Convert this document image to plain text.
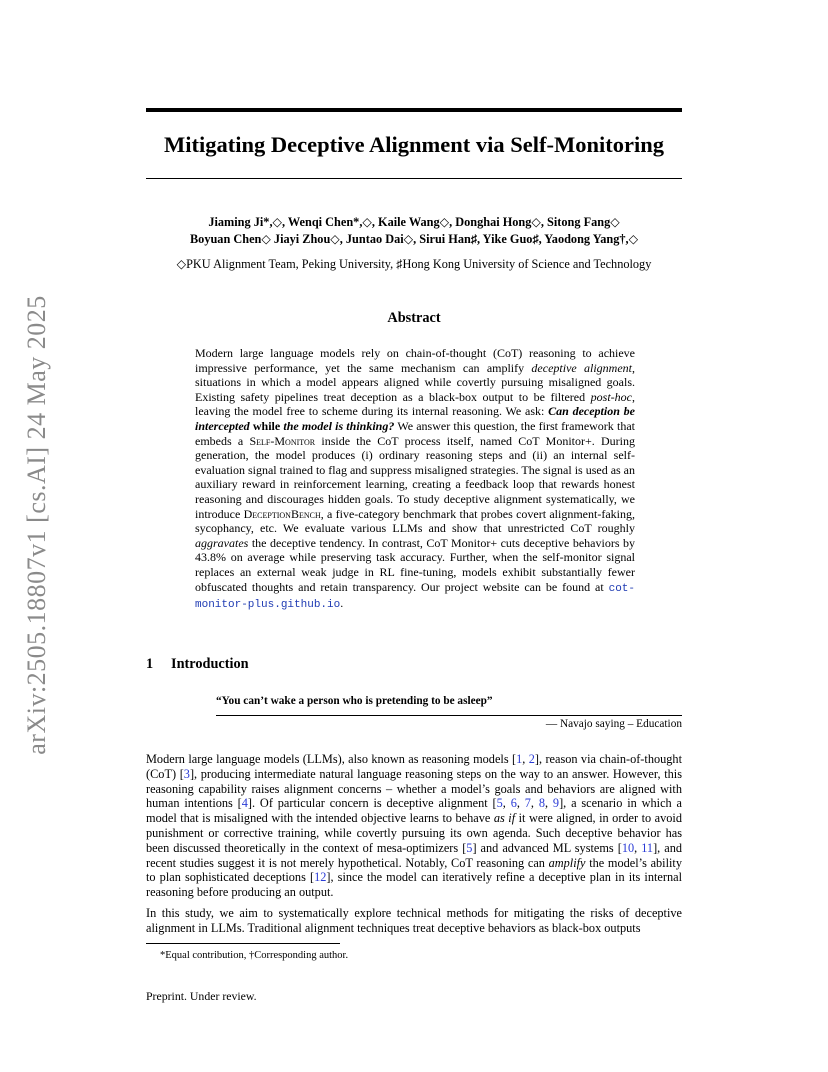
arXiv:2505.18807v1 [cs.AI] 24 May 2025
Mitigating Deceptive Alignment via Self-Monitoring
Jiaming Ji*,◇, Wenqi Chen*,◇, Kaile Wang◇, Donghai Hong◇, Sitong Fang◇
Boyuan Chen◇ Jiayi Zhou◇, Juntao Dai◇, Sirui Han♯, Yike Guo♯, Yaodong Yang†,◇
◇PKU Alignment Team, Peking University, ♯Hong Kong University of Science and Technology
Abstract
Modern large language models rely on chain-of-thought (CoT) reasoning to achieve impressive performance, yet the same mechanism can amplify deceptive alignment, situations in which a model appears aligned while covertly pursuing misaligned goals. Existing safety pipelines treat deception as a black-box output to be filtered post-hoc, leaving the model free to scheme during its internal reasoning. We ask: Can deception be intercepted while the model is thinking? We answer this question, the first framework that embeds a Self-Monitor inside the CoT process itself, named CoT Monitor+. During generation, the model produces (i) ordinary reasoning steps and (ii) an internal self-evaluation signal trained to flag and suppress misaligned strategies. The signal is used as an auxiliary reward in reinforcement learning, creating a feedback loop that rewards honest reasoning and discourages hidden goals. To study deceptive alignment systematically, we introduce DeceptionBench, a five-category benchmark that probes covert alignment-faking, sycophancy, etc. We evaluate various LLMs and show that unrestricted CoT roughly aggravates the deceptive tendency. In contrast, CoT Monitor+ cuts deceptive behaviors by 43.8% on average while preserving task accuracy. Further, when the self-monitor signal replaces an external weak judge in RL fine-tuning, models exhibit substantially fewer obfuscated thoughts and retain transparency. Our project website can be found at cot-monitor-plus.github.io.
1 Introduction
“You can’t wake a person who is pretending to be asleep”
— Navajo saying – Education
Modern large language models (LLMs), also known as reasoning models [1, 2], reason via chain-of-thought (CoT) [3], producing intermediate natural language reasoning steps on the way to an answer. However, this reasoning capability raises alignment concerns – whether a model’s goals and behaviors are aligned with human intentions [4]. Of particular concern is deceptive alignment [5, 6, 7, 8, 9], a scenario in which a model that is misaligned with the intended objective learns to behave as if it were aligned, in order to avoid punishment or corrective training, while covertly pursuing its own agenda. Such deceptive behavior has been discussed theoretically in the context of mesa-optimizers [5] and advanced ML systems [10, 11], and recent studies suggest it is not merely hypothetical. Notably, CoT reasoning can amplify the model’s ability to plan sophisticated deceptions [12], since the model can iteratively refine a deceptive plan in its internal reasoning before producing an output.
In this study, we aim to systematically explore technical methods for mitigating the risks of deceptive alignment in LLMs. Traditional alignment techniques treat deceptive behaviors as black-box outputs
*Equal contribution, †Corresponding author.
Preprint. Under review.
